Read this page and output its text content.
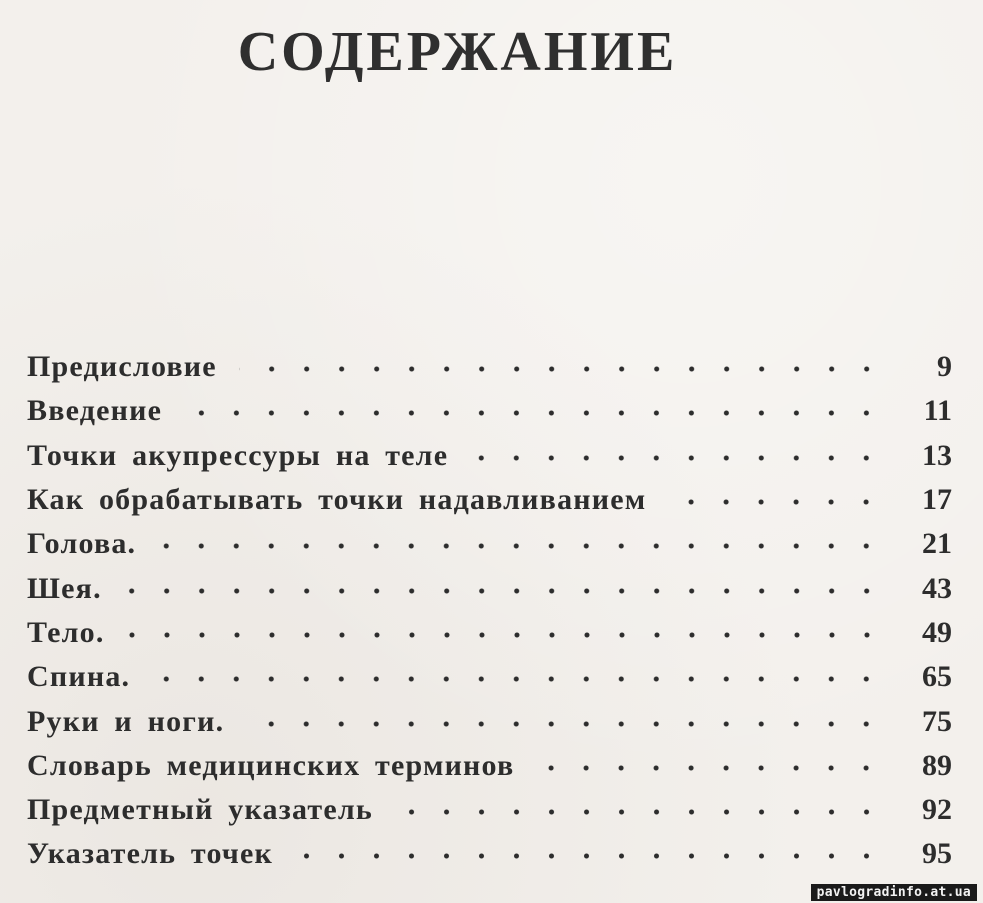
СОДЕРЖАНИЕ
Предисловие	9
Введение	11
Точки акупрессуры на теле	13
Как обрабатывать точки надавливанием	17
Голова.	21
Шея.	43
Тело.	49
Спина.	65
Руки и ноги.	75
Словарь медицинских терминов	89
Предметный указатель	92
Указатель точек	95
pavlogradinfo.at.ua
